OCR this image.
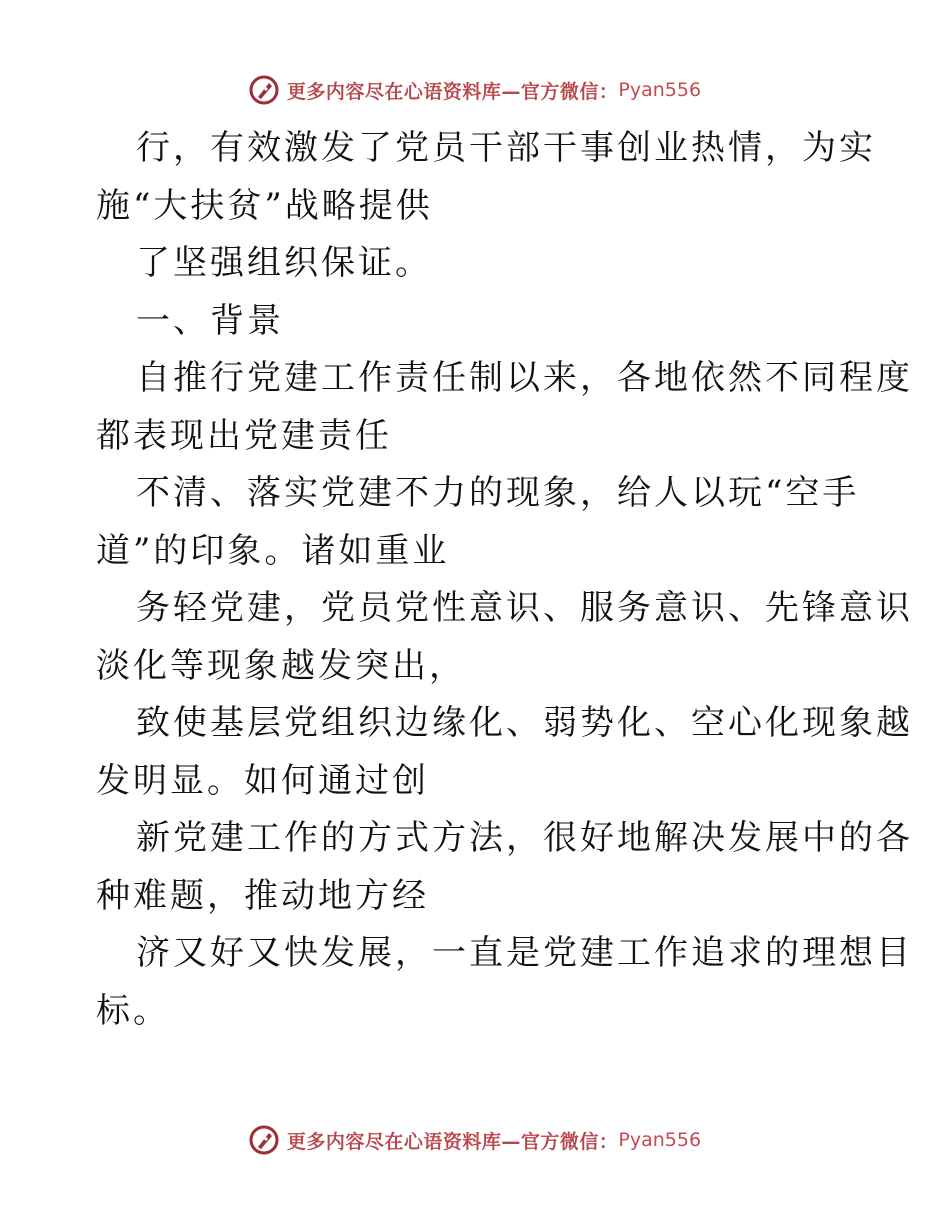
更多内容尽在心语资料库—官方微信： Pyan556
行，有效激发了党员干部干事创业热情，为实
施“大扶贫”战略提供
了坚强组织保证。
一、背景
自推行党建工作责任制以来，各地依然不同程度
都表现出党建责任
不清、落实党建不力的现象，给人以玩“空手
道”的印象。诸如重业
务轻党建，党员党性意识、服务意识、先锋意识
淡化等现象越发突出，
致使基层党组织边缘化、弱势化、空心化现象越
发明显。如何通过创
新党建工作的方式方法，很好地解决发展中的各
种难题，推动地方经
济又好又快发展，一直是党建工作追求的理想目
标。
更多内容尽在心语资料库—官方微信： Pyan556
